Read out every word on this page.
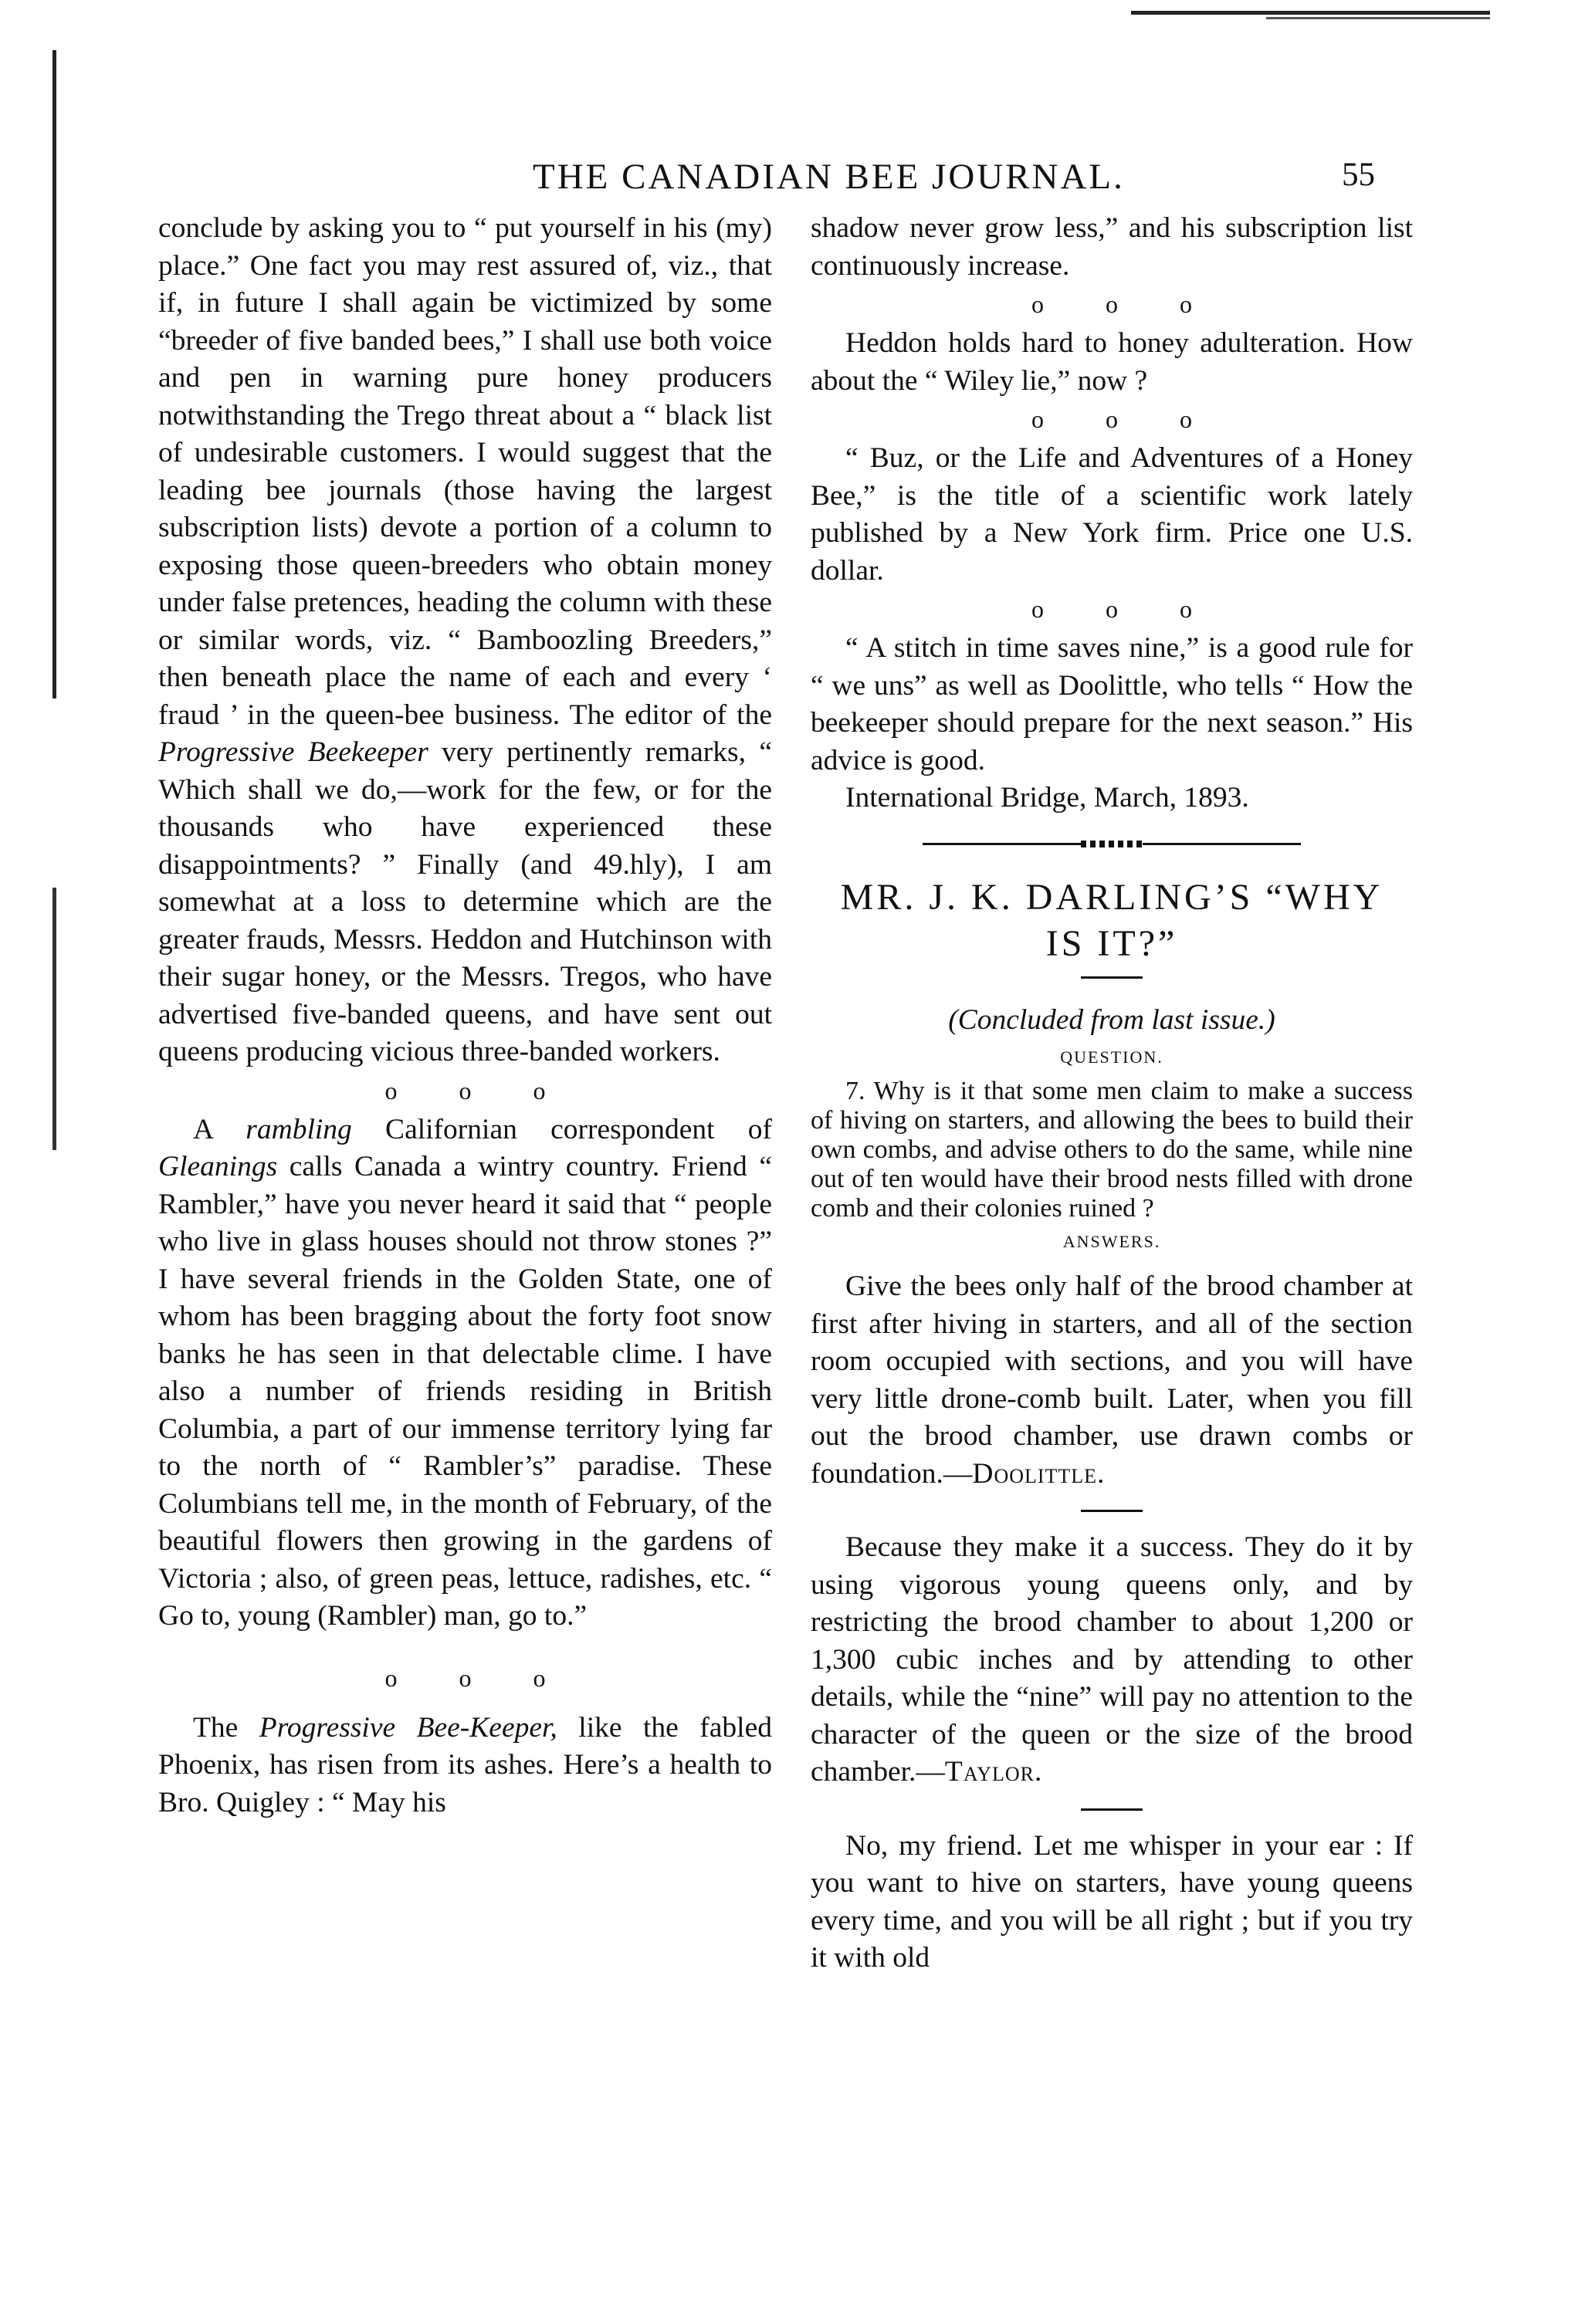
THE CANADIAN BEE JOURNAL.	55

conclude by asking you to “ put yourself in his (my) place.” One fact you may rest assured of, viz., that if, in future I shall again be victimized by some “breeder of five banded bees,” I shall use both voice and pen in warning pure honey producers notwithstanding the Trego threat about a “ black list of undesirable customers. I would suggest that the leading bee journals (those having the largest subscription lists) devote a portion of a column to exposing those queen-breeders who obtain money under false pretences, heading the column with these or similar words, viz. “ Bamboozling Breeders,” then beneath place the name of each and every ‘ fraud ’ in the queen-bee business. The editor of the Progressive Beekeeper very pertinently remarks, “ Which shall we do,—work for the few, or for the thousands who have experienced these disappointments? ” Finally (and 49.hly), I am somewhat at a loss to determine which are the greater frauds, Messrs. Heddon and Hutchinson with their sugar honey, or the Messrs. Tregos, who have advertised five-banded queens, and have sent out queens producing vicious three-banded workers.

o o o

A rambling Californian correspondent of Gleanings calls Canada a wintry country. Friend “ Rambler,” have you never heard it said that “ people who live in glass houses should not throw stones ?” I have several friends in the Golden State, one of whom has been bragging about the forty foot snow banks he has seen in that delectable clime. I have also a number of friends residing in British Columbia, a part of our immense territory lying far to the north of “ Rambler’s” paradise. These Columbians tell me, in the month of February, of the beautiful flowers then growing in the gardens of Victoria ; also, of green peas, lettuce, radishes, etc. “ Go to, young (Rambler) man, go to.”

o o o

The Progressive Bee-Keeper, like the fabled Phoenix, has risen from its ashes. Here’s a health to Bro. Quigley : “ May his

shadow never grow less,” and his subscription list continuously increase.

o o o

Heddon holds hard to honey adulteration. How about the “ Wiley lie,” now ?

o o o

“ Buz, or the Life and Adventures of a Honey Bee,” is the title of a scientific work lately published by a New York firm. Price one U.S. dollar.

o o o

“ A stitch in time saves nine,” is a good rule for “ we uns” as well as Doolittle, who tells “ How the beekeeper should prepare for the next season.” His advice is good.

International Bridge, March, 1893.

MR. J. K. DARLING’S “WHY
IS IT?”

(Concluded from last issue.)

QUESTION.

7. Why is it that some men claim to make a success of hiving on starters, and allowing the bees to build their own combs, and advise others to do the same, while nine out of ten would have their brood nests filled with drone comb and their colonies ruined ?

ANSWERS.

Give the bees only half of the brood chamber at first after hiving in starters, and all of the section room occupied with sections, and you will have very little drone-comb built. Later, when you fill out the brood chamber, use drawn combs or foundation.—Doolittle.

Because they make it a success. They do it by using vigorous young queens only, and by restricting the brood chamber to about 1,200 or 1,300 cubic inches and by attending to other details, while the “nine” will pay no attention to the character of the queen or the size of the brood chamber.—Taylor.

No, my friend. Let me whisper in your ear : If you want to hive on starters, have young queens every time, and you will be all right ; but if you try it with old
